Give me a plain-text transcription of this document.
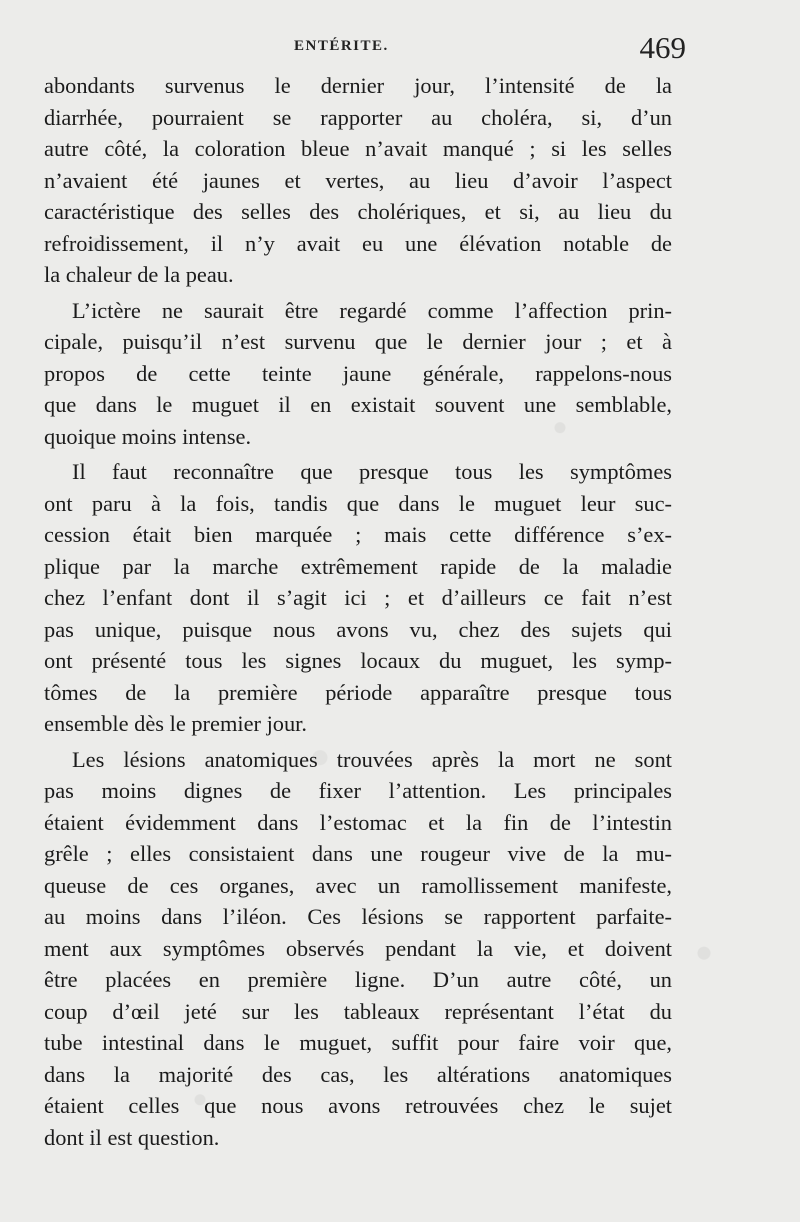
ENTÉRITE.	469
abondants survenus le dernier jour, l’intensité de la
diarrhée, pourraient se rapporter au choléra, si, d’un
autre côté, la coloration bleue n’avait manqué ; si les selles
n’avaient été jaunes et vertes, au lieu d’avoir l’aspect
caractéristique des selles des cholériques, et si, au lieu du
refroidissement, il n’y avait eu une élévation notable de
la chaleur de la peau.
L’ictère ne saurait être regardé comme l’affection prin-
cipale, puisqu’il n’est survenu que le dernier jour ; et à
propos de cette teinte jaune générale, rappelons-nous
que dans le muguet il en existait souvent une semblable,
quoique moins intense.
Il faut reconnaître que presque tous les symptômes
ont paru à la fois, tandis que dans le muguet leur suc-
cession était bien marquée ; mais cette différence s’ex-
plique par la marche extrêmement rapide de la maladie
chez l’enfant dont il s’agit ici ; et d’ailleurs ce fait n’est
pas unique, puisque nous avons vu, chez des sujets qui
ont présenté tous les signes locaux du muguet, les symp-
tômes de la première période apparaître presque tous
ensemble dès le premier jour.
Les lésions anatomiques trouvées après la mort ne sont
pas moins dignes de fixer l’attention. Les principales
étaient évidemment dans l’estomac et la fin de l’intestin
grêle ; elles consistaient dans une rougeur vive de la mu-
queuse de ces organes, avec un ramollissement manifeste,
au moins dans l’iléon. Ces lésions se rapportent parfaite-
ment aux symptômes observés pendant la vie, et doivent
être placées en première ligne. D’un autre côté, un
coup d’œil jeté sur les tableaux représentant l’état du
tube intestinal dans le muguet, suffit pour faire voir que,
dans la majorité des cas, les altérations anatomiques
étaient celles que nous avons retrouvées chez le sujet
dont il est question.
